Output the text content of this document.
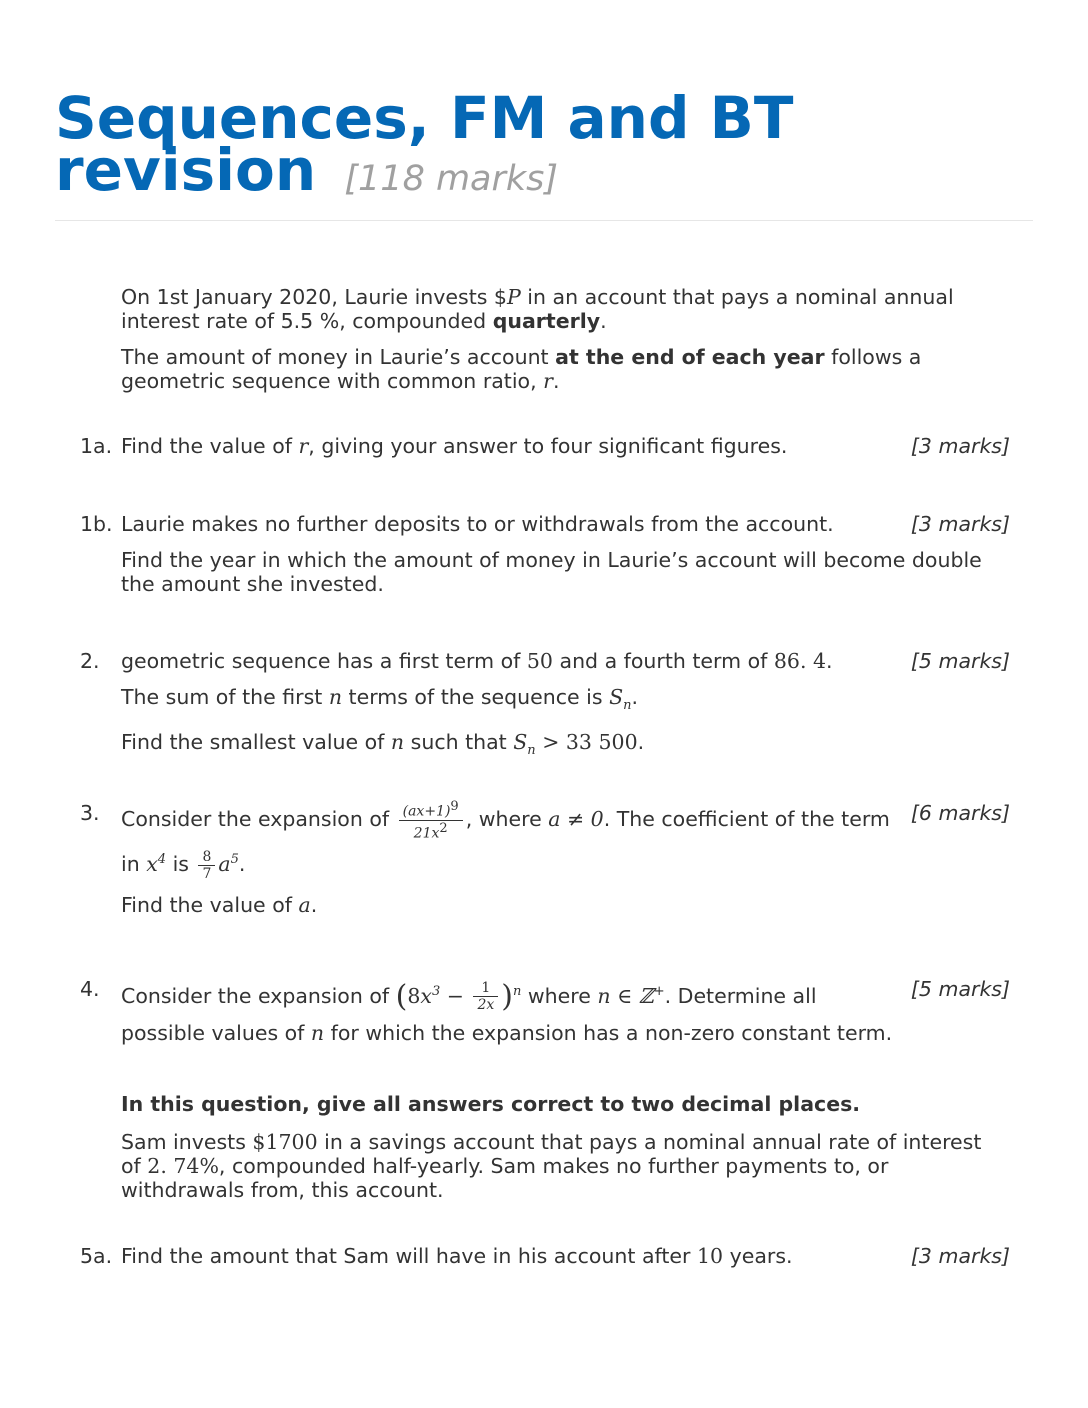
Sequences, FM and BT revision [118 marks]

On 1st January 2020, Laurie invests $P in an account that pays a nominal annual interest rate of 5.5 %, compounded quarterly.

The amount of money in Laurie’s account at the end of each year follows a geometric sequence with common ratio, r.

1a. Find the value of r, giving your answer to four significant figures.	[3 marks]
1b. Laurie makes no further deposits to or withdrawals from the account.

Find the year in which the amount of money in Laurie’s account will become double the amount she invested.

[3 marks]
2. geometric sequence has a first term of 50 and a fourth term of 86. 4.

The sum of the first n terms of the sequence is $S_n$.

Find the smallest value of n such that $S_n > 33$ 500.

[5 marks]
3. Consider the expansion of $\frac{(ax+1)^9}{21x^2}$ , where a ≠ 0. The coefficient of the term in $x^4$ is $\frac{8}{7} a^5$.

Find the value of a.

[6 marks]
4. Consider the expansion of $(8x^3 - \frac{1}{2x} )^n$ where n ∈ ℤ+. Determine all possible values of n for which the expansion has a non-zero constant term.

[5 marks]

In this question, give all answers correct to two decimal places.

Sam invests $1700 in a savings account that pays a nominal annual rate of interest of 2. 74%, compounded half-yearly. Sam makes no further payments to, or withdrawals from, this account.

5a. Find the amount that Sam will have in his account after 10 years.	[3 marks]
